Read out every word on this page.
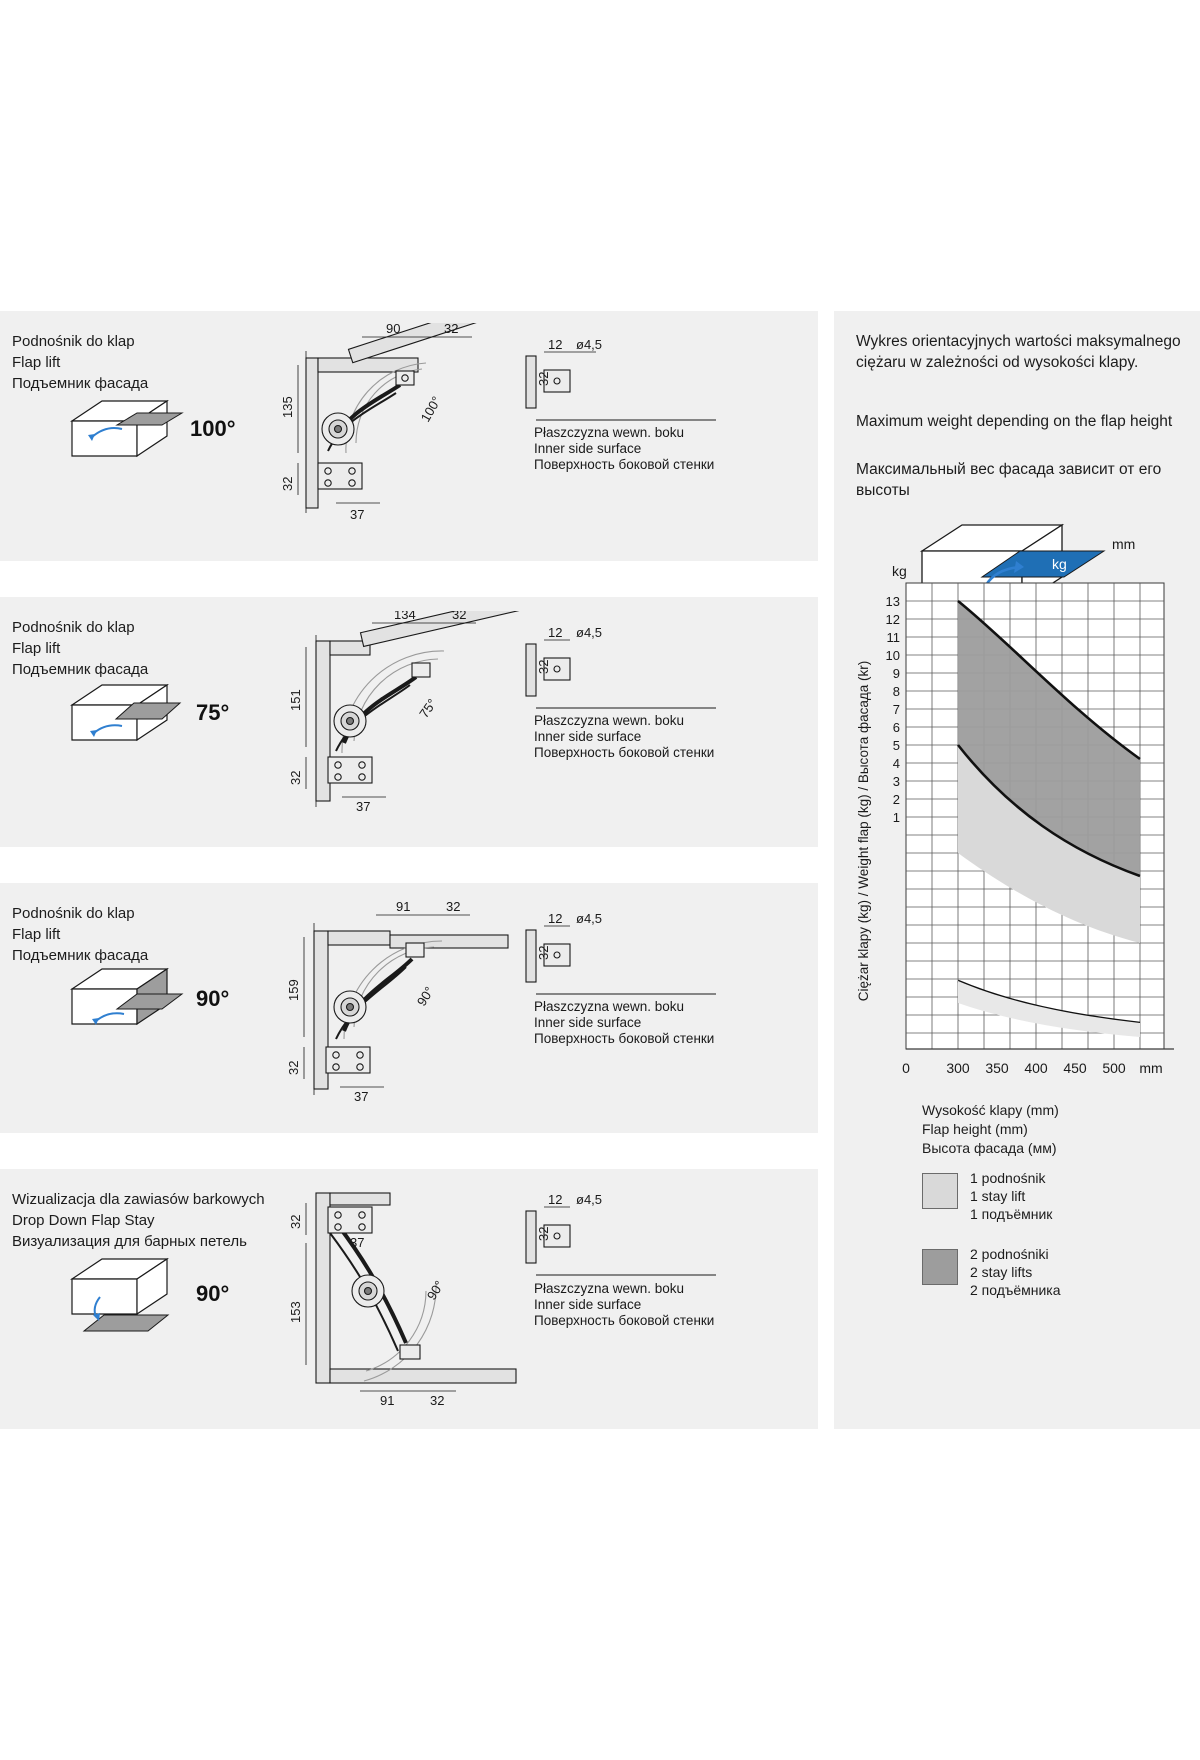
Podnośnik do klap
Flap lift
Подъемник фасада
100°
90	32
135
32
37
100°
12 ø4,5
32
Płaszczyzna wewn. boku
Inner side surface
Поверхность боковой стенки
Podnośnik do klap
Flap lift
Подъемник фасада
75°
134	32
151
32
37
75°
12 ø4,5
32
Płaszczyzna wewn. boku
Inner side surface
Поверхность боковой стенки
Podnośnik do klap
Flap lift
Подъемник фасада
90°
91	32
159
32
37
90°
12 ø4,5
32
Płaszczyzna wewn. boku
Inner side surface
Поверхность боковой стенки
Wizualizacja dla zawiasów barkowych
Drop Down Flap Stay
Визуализация для барных петель
90°
32
153
37
91	32
90°
12 ø4,5
32
Płaszczyzna wewn. boku
Inner side surface
Поверхность боковой стенки
Wykres orientacyjnych wartości maksymalnego ciężaru w zależności od wysokości klapy.
Maximum weight depending on the flap height
Максимальный вес фасада зависит от его высоты
mm
kg
kg
13
12
11
10
9
8
7
6
5
4
3
2
1
0	300 350 400 450 500 mm
Ciężar klapy (kg) / Weight flap (kg) / Высота фасада (kr)
Wysokość klapy (mm)
Flap height (mm)
Высота фасада (мм)
1 podnośnik
1 stay lift
1 подъёмник
2 podnośniki
2 stay lifts
2 подъёмника
